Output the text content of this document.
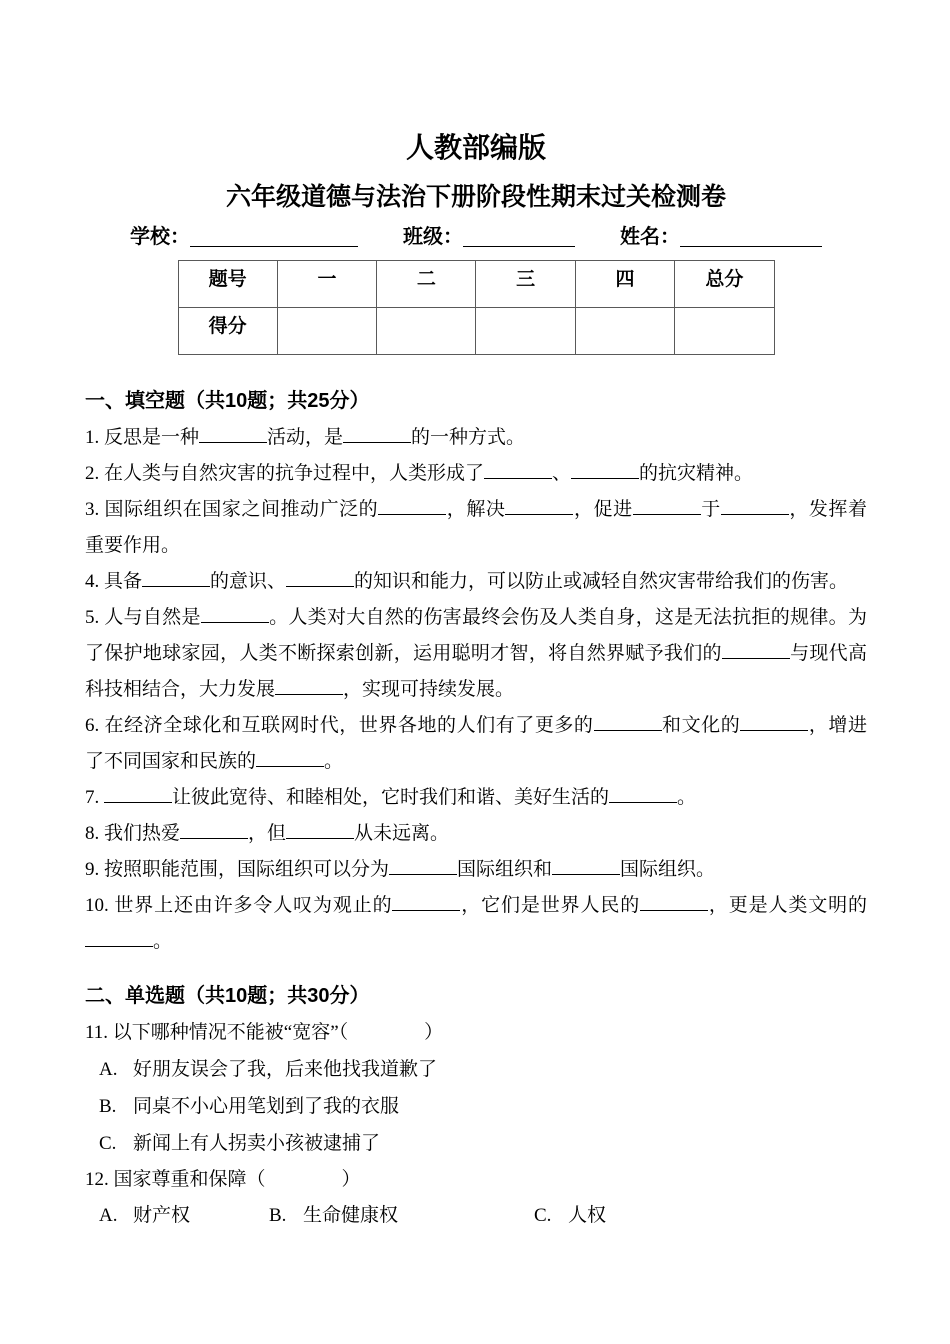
人教部编版
六年级道德与法治下册阶段性期末过关检测卷
学校：	班级：	姓名：
题号	一	二	三	四	总分
得分					
一、填空题（共10题；共25分）
1. 反思是一种	活动，是	的一种方式。
2. 在人类与自然灾害的抗争过程中，人类形成了	、	的抗灾精神。
3. 国际组织在国家之间推动广泛的	，解决	，促进	于	，发挥着重要作用。
4. 具备	的意识、	的知识和能力，可以防止或减轻自然灾害带给我们的伤害。
5. 人与自然是	。人类对大自然的伤害最终会伤及人类自身，这是无法抗拒的规律。为了保护地球家园，人类不断探索创新，运用聪明才智，将自然界赋予我们的	与现代高科技相结合，大力发展	，实现可持续发展。
6. 在经济全球化和互联网时代，世界各地的人们有了更多的	和文化的	，增进了不同国家和民族的	。
7.	让彼此宽待、和睦相处，它时我们和谐、美好生活的	。
8. 我们热爱	，但	从未远离。
9. 按照职能范围，国际组织可以分为	国际组织和	国际组织。
10. 世界上还由许多令人叹为观止的	，它们是世界人民的	，更是人类文明的。
二、单选题（共10题；共30分）
11. 以下哪种情况不能被“宽容”（　　　　）
A. 好朋友误会了我，后来他找我道歉了
B. 同桌不小心用笔划到了我的衣服
C. 新闻上有人拐卖小孩被逮捕了
12. 国家尊重和保障（　　　　）
A. 财产权	B. 生命健康权	C. 人权
